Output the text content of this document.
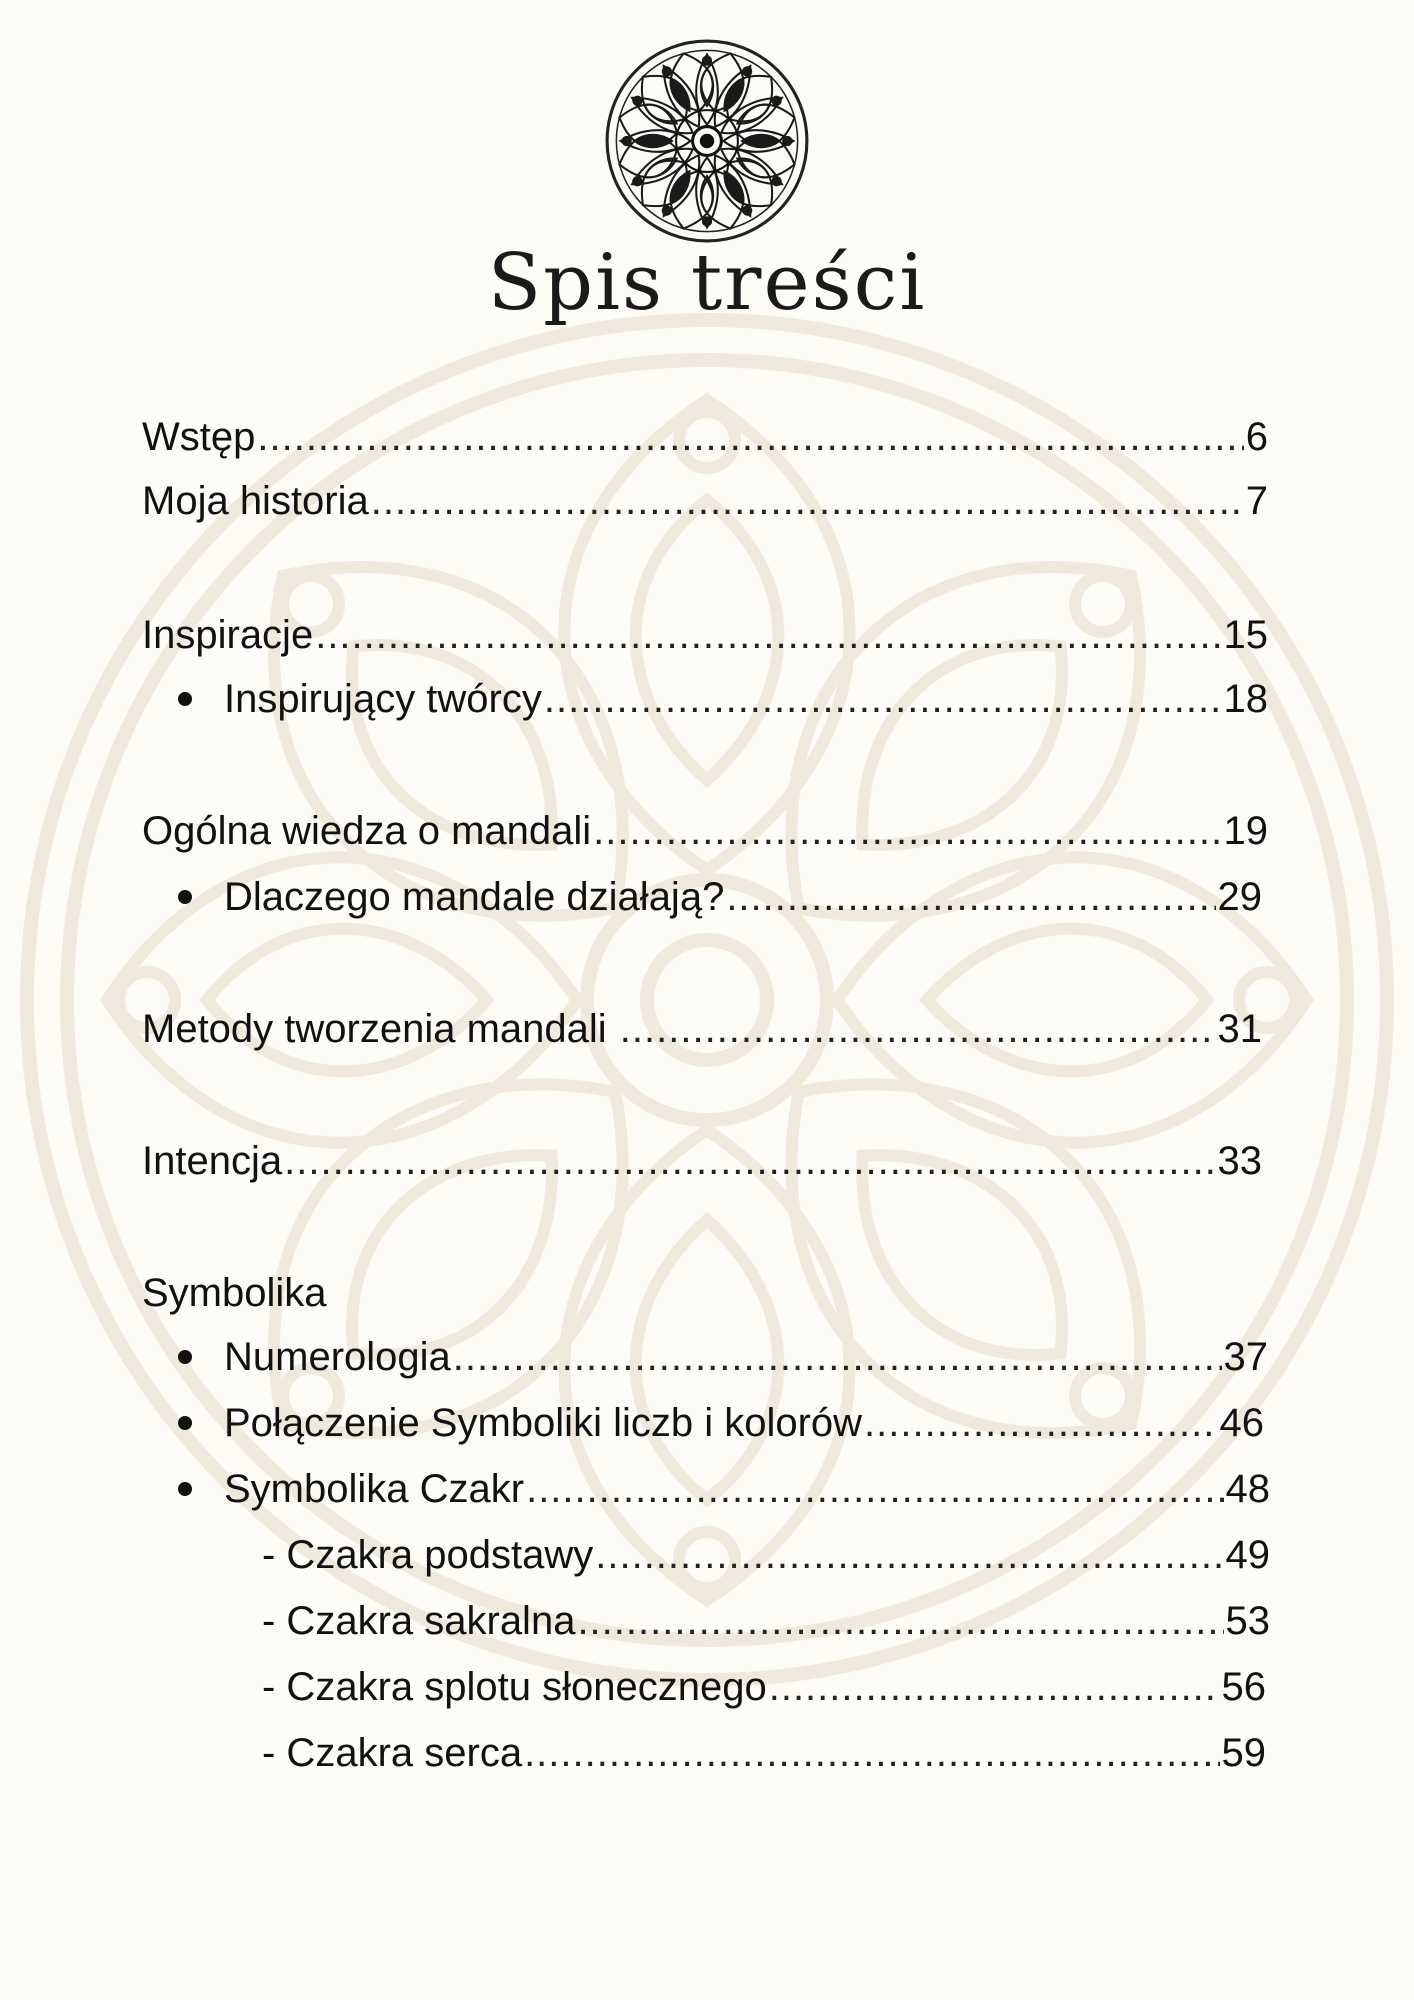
Spis treści
Wstęp .....	6
Moja historia .....	7
Inspiracje .....	15
Inspirujący twórcy .....	18
Ogólna wiedza o mandali .....	19
Dlaczego mandale działają? .....	29
Metody tworzenia mandali .....	31
Intencja .....	33
Symbolika
Numerologia .....	37
Połączenie Symboliki liczb i kolorów .....	46
Symbolika Czakr .....	48
- Czakra podstawy .....	49
- Czakra sakralna .....	53
- Czakra splotu słonecznego .....	56
- Czakra serca .....	59
